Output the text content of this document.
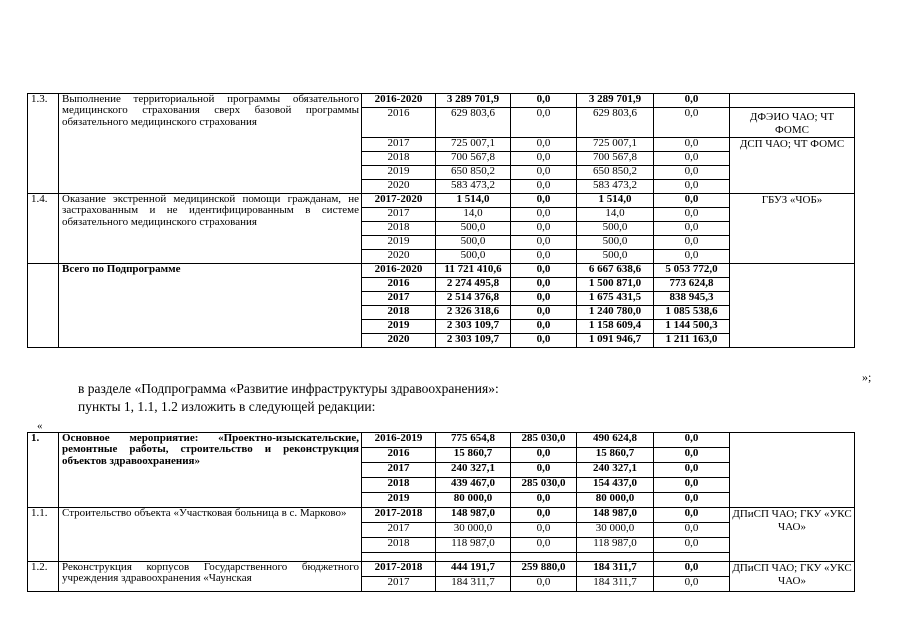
1.3.	Выполнение территориальной программы обязательного медицинского страхования сверх базовой программы обязательного медицинского страхования	2016-2020	3 289 701,9	0,0	3 289 701,9	0,0	
		2016	629 803,6	0,0	629 803,6	0,0	ДФЭИО ЧАО; ЧТ ФОМС
		2017	725 007,1	0,0	725 007,1	0,0	ДСП ЧАО; ЧТ ФОМС
		2018	700 567,8	0,0	700 567,8	0,0	
		2019	650 850,2	0,0	650 850,2	0,0	
		2020	583 473,2	0,0	583 473,2	0,0	
1.4.	Оказание экстренной медицинской помощи гражданам, не застрахованным и не идентифицированным в системе обязательного медицинского страхования	2017-2020	1 514,0	0,0	1 514,0	0,0	ГБУЗ «ЧОБ»
		2017	14,0	0,0	14,0	0,0	
		2018	500,0	0,0	500,0	0,0	
		2019	500,0	0,0	500,0	0,0	
		2020	500,0	0,0	500,0	0,0	
	Всего по Подпрограмме	2016-2020	11 721 410,6	0,0	6 667 638,6	5 053 772,0	
		2016	2 274 495,8	0,0	1 500 871,0	773 624,8	
		2017	2 514 376,8	0,0	1 675 431,5	838 945,3	
		2018	2 326 318,6	0,0	1 240 780,0	1 085 538,6	
		2019	2 303 109,7	0,0	1 158 609,4	1 144 500,3	
		2020	2 303 109,7	0,0	1 091 946,7	1 211 163,0	
»;
в разделе «Подпрограмма «Развитие инфраструктуры здравоохранения»:
пункты 1, 1.1, 1.2 изложить в следующей редакции:
«
1.	Основное мероприятие: «Проектно-изыскательские, ремонтные работы, строительство и реконструкция объектов здравоохранения»	2016-2019	775 654,8	285 030,0	490 624,8	0,0	
		2016	15 860,7	0,0	15 860,7	0,0	
		2017	240 327,1	0,0	240 327,1	0,0	
		2018	439 467,0	285 030,0	154 437,0	0,0	
		2019	80 000,0	0,0	80 000,0	0,0	
1.1.	Строительство объекта «Участковая больница в с. Марково»	2017-2018	148 987,0	0,0	148 987,0	0,0	ДПиСП ЧАО; ГКУ «УКС ЧАО»
		2017	30 000,0	0,0	30 000,0	0,0	
		2018	118 987,0	0,0	118 987,0	0,0	

1.2.	Реконструкция корпусов Государственного бюджетного учреждения здравоохранения «Чаунская	2017-2018	444 191,7	259 880,0	184 311,7	0,0	ДПиСП ЧАО; ГКУ «УКС ЧАО»
		2017	184 311,7	0,0	184 311,7	0,0	
